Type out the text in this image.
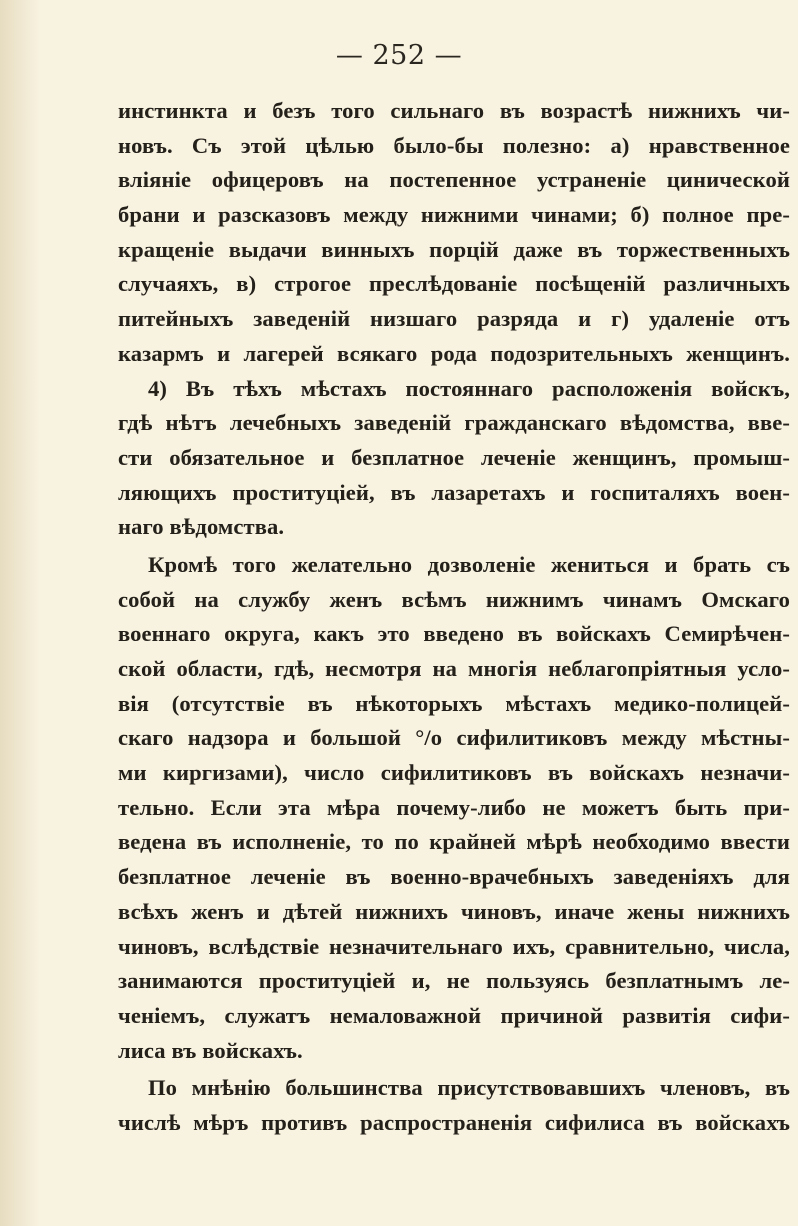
— 252 —
инстинкта и безъ того сильнаго въ возрастѣ нижнихъ чи-
новъ. Съ этой цѣлью было-бы полезно: а) нравственное
вліяніе офицеровъ на постепенное устраненіе цинической
брани и разсказовъ между нижними чинами; б) полное пре-
кращеніе выдачи винныхъ порцій даже въ торжественныхъ
случаяхъ, в) строгое преслѣдованіе посѣщеній различныхъ
питейныхъ заведеній низшаго разряда и г) удаленіе отъ
казармъ и лагерей всякаго рода подозрительныхъ женщинъ.
4) Въ тѣхъ мѣстахъ постояннаго расположенія войскъ,
гдѣ нѣтъ лечебныхъ заведеній гражданскаго вѣдомства, вве-
сти обязательное и безплатное леченіе женщинъ, промыш-
ляющихъ проституціей, въ лазаретахъ и госпиталяхъ воен-
наго вѣдомства.
Кромѣ того желательно дозволеніе жениться и брать съ
собой на службу женъ всѣмъ нижнимъ чинамъ Омскаго
военнаго округа, какъ это введено въ войскахъ Семирѣчен-
ской области, гдѣ, несмотря на многія неблагопріятныя усло-
вія (отсутствіе въ нѣкоторыхъ мѣстахъ медико-полицей-
скаго надзора и большой °/о сифилитиковъ между мѣстны-
ми киргизами), число сифилитиковъ въ войскахъ незначи-
тельно. Если эта мѣра почему-либо не можетъ быть при-
ведена въ исполненіе, то по крайней мѣрѣ необходимо ввести
безплатное леченіе въ военно-врачебныхъ заведеніяхъ для
всѣхъ женъ и дѣтей нижнихъ чиновъ, иначе жены нижнихъ
чиновъ, вслѣдствіе незначительнаго ихъ, сравнительно, числа,
занимаются проституціей и, не пользуясь безплатнымъ ле-
ченіемъ, служатъ немаловажной причиной развитія сифи-
лиса въ войскахъ.
По мнѣнію большинства присутствовавшихъ членовъ, въ
числѣ мѣръ противъ распространенія сифилиса въ войскахъ
